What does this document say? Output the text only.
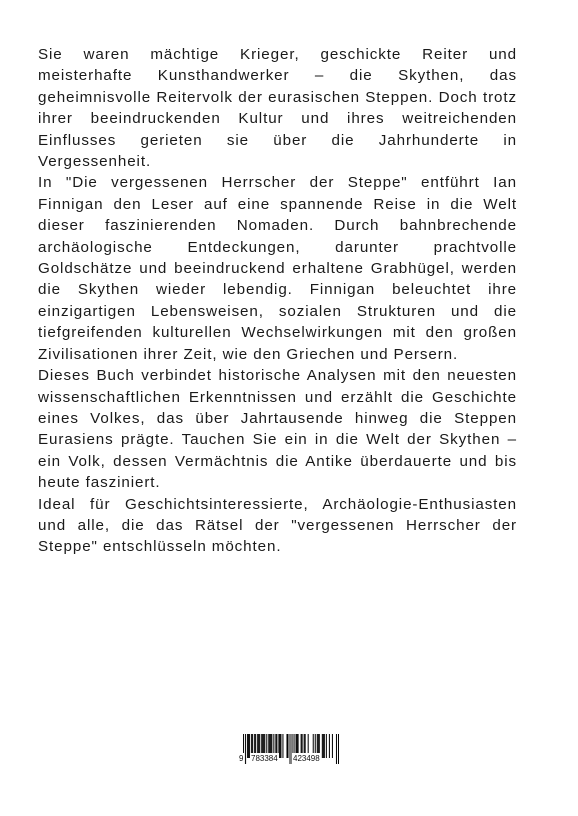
Sie waren mächtige Krieger, geschickte Reiter und meisterhafte Kunsthandwerker – die Skythen, das geheimnisvolle Reitervolk der eurasischen Steppen. Doch trotz ihrer beeindruckenden Kultur und ihres weitreichenden Einflusses gerieten sie über die Jahrhunderte in Vergessenheit.

In "Die vergessenen Herrscher der Steppe" entführt Ian Finnigan den Leser auf eine spannende Reise in die Welt dieser faszinierenden Nomaden. Durch bahnbrechende archäologische Entdeckungen, darunter prachtvolle Goldschätze und beeindruckend erhaltene Grabhügel, werden die Skythen wieder lebendig. Finnigan beleuchtet ihre einzigartigen Lebensweisen, sozialen Strukturen und die tiefgreifenden kulturellen Wechselwirkungen mit den großen Zivilisationen ihrer Zeit, wie den Griechen und Persern.

Dieses Buch verbindet historische Analysen mit den neuesten wissenschaftlichen Erkenntnissen und erzählt die Geschichte eines Volkes, das über Jahrtausende hinweg die Steppen Eurasiens prägte. Tauchen Sie ein in die Welt der Skythen – ein Volk, dessen Vermächtnis die Antike überdauerte und bis heute fasziniert.

Ideal für Geschichtsinteressierte, Archäologie-Enthusiasten und alle, die das Rätsel der "vergessenen Herrscher der Steppe" entschlüsseln möchten.

9 783384 423498
